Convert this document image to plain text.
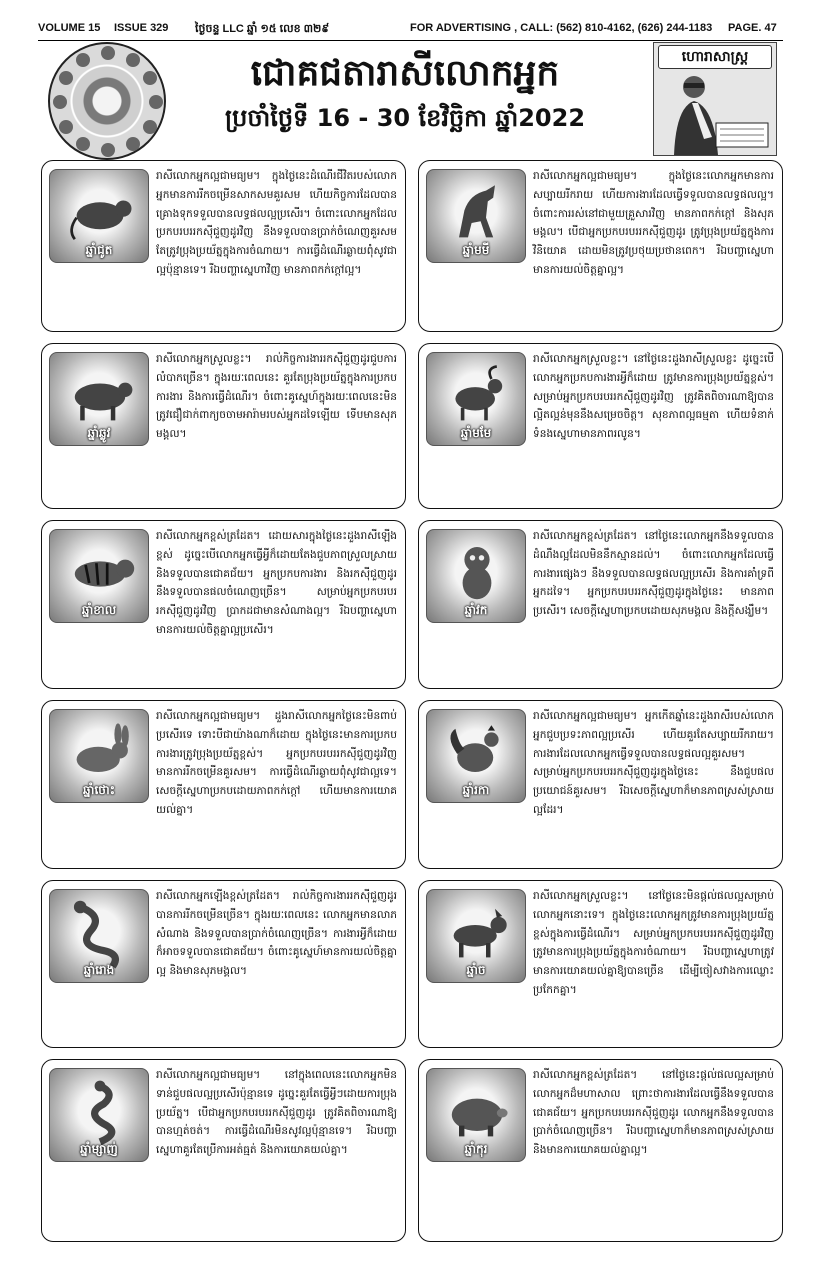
VOLUME 15 ISSUE 329 ថ្ងៃចន្ទ LLC ឆ្នាំ ១៥ លេខ ៣២៩	FOR ADVERTISING , CALL: (562) 810-4162, (626) 244-1183 PAGE. 47
ជោគជតារាសីលោកអ្នក
ប្រចាំថ្ងៃទី 16 - 30 ខែវិច្ឆិកា ឆ្នាំ2022
ហោរាសាស្ត្រ
រាសីលោកអ្នកល្អជាមធ្យម។ ក្នុងថ្ងៃនេះដំណើរជីវិតរបស់លោកអ្នកមានការរីកចម្រើនសាកសមគួរសម ហើយកិច្ចការដែលបានគ្រោងទុកទទួលបានលទ្ធផលល្អប្រសើរ។ ចំពោះលោកអ្នកដែលប្រកបរបររកស៊ីជួញដូរវិញ នឹងទទួលបានប្រាក់ចំណេញគួរសម តែត្រូវប្រុងប្រយ័ត្នក្នុងការចំណាយ។ ការធ្វើដំណើរឆ្ងាយពុំសូវជាល្អប៉ុន្មានទេ។ រីឯបញ្ហាស្នេហាវិញ មានភាពកក់ក្តៅល្អ។
ឆ្នាំជូត
រាសីលោកអ្នកល្អជាមធ្យម។ ក្នុងថ្ងៃនេះលោកអ្នកមានការសប្បាយរីករាយ ហើយការងារដែលធ្វើទទួលបានលទ្ធផលល្អ។ ចំពោះការរស់នៅជាមួយគ្រួសារវិញ មានភាពកក់ក្តៅ និងសុភមង្គល។ បើជាអ្នកប្រកបរបររកស៊ីជួញដូរ ត្រូវប្រុងប្រយ័ត្នក្នុងការវិនិយោគ ដោយមិនត្រូវប្រថុយប្រថានពេក។ រីឯបញ្ហាស្នេហាមានការយល់ចិត្តគ្នាល្អ។
ឆ្នាំមមី
រាសីលោកអ្នកស្រួលខ្លះ។ រាល់កិច្ចការងាររកស៊ីជួញដូរជួបការលំបាកច្រើន។ ក្នុងរយៈពេលនេះ គួរតែប្រុងប្រយ័ត្នក្នុងការប្រកបការងារ និងការធ្វើដំណើរ។ ចំពោះគូស្នេហ៍ក្នុងរយៈពេលនេះមិនត្រូវជឿជាក់ពាក្យចចាមអារ៉ាមរបស់អ្នកដទៃឡើយ ទើបមានសុភមង្គល។
ឆ្នាំឆ្លូវ
រាសីលោកអ្នកស្រួលខ្លះ។ នៅថ្ងៃនេះដួងរាសីស្រួលខ្លះ ដូច្នេះបើលោកអ្នកប្រកបការងារអ្វីក៏ដោយ ត្រូវមានការប្រុងប្រយ័ត្នខ្ពស់។ សម្រាប់អ្នកប្រកបរបររកស៊ីជួញដូរវិញ ត្រូវគិតពិចារណាឱ្យបានល្អិតល្អន់មុននឹងសម្រេចចិត្ត។ សុខភាពល្អធម្មតា ហើយទំនាក់ទំនងស្នេហាមានភាពរលូន។
ឆ្នាំមមែ
រាសីលោកអ្នកខ្ពស់ត្រដែត។ ដោយសារក្នុងថ្ងៃនេះដួងរាសីឡើងខ្ពស់ ដូច្នេះបើលោកអ្នកធ្វើអ្វីក៏ដោយតែងជួបភាពស្រួលស្រាយ និងទទួលបានជោគជ័យ។ អ្នកប្រកបការងារ និងរកស៊ីជួញដូរ នឹងទទួលបានផលចំណេញច្រើន។ សម្រាប់អ្នកប្រកបរបររកស៊ីជួញដូរវិញ ប្រាកដជាមានសំណាងល្អ។ រីឯបញ្ហាស្នេហាមានការយល់ចិត្តគ្នាល្អប្រសើរ។
ឆ្នាំខាល
រាសីលោកអ្នកខ្ពស់ត្រដែត។ នៅថ្ងៃនេះលោកអ្នកនឹងទទួលបានដំណឹងល្អដែលមិននឹកស្មានដល់។ ចំពោះលោកអ្នកដែលធ្វើការងារផ្សេងៗ នឹងទទួលបានលទ្ធផលល្អប្រសើរ និងការគាំទ្រពីអ្នកដទៃ។ អ្នកប្រកបរបររកស៊ីជួញដូរក្នុងថ្ងៃនេះ មានភាពប្រសើរ។ សេចក្តីស្នេហាប្រកបដោយសុភមង្គល និងក្តីសង្ឃឹម។
ឆ្នាំវក
រាសីលោកអ្នកល្អជាមធ្យម។ ដួងរាសីលោកអ្នកថ្ងៃនេះមិនពាប់ប្រសើរទេ ទោះបីជាយ៉ាងណាក៏ដោយ ក្នុងថ្ងៃនេះមានការប្រកបការងារត្រូវប្រុងប្រយ័ត្នខ្ពស់។ អ្នកប្រកបរបររកស៊ីជួញដូរវិញ មានការរីកចម្រើនគួរសម។ ការធ្វើដំណើរឆ្ងាយពុំសូវជាល្អទេ។ សេចក្តីស្នេហាប្រកបដោយភាពកក់ក្តៅ ហើយមានការយោគយល់គ្នា។
ឆ្នាំថោះ
រាសីលោកអ្នកល្អជាមធ្យម។ អ្នកកើតឆ្នាំនេះដួងរាសីរបស់លោកអ្នកជួបប្រទះភាពល្អប្រសើរ ហើយគួរតែសប្បាយរីករាយ។ ការងារដែលលោកអ្នកធ្វើទទួលបានលទ្ធផលល្អគួរសម។ សម្រាប់អ្នកប្រកបរបររកស៊ីជួញដូរក្នុងថ្ងៃនេះ នឹងជួបផលប្រយោជន៍គួរសម។ រីឯសេចក្តីស្នេហាក៏មានភាពស្រស់ស្រាយល្អដែរ។
ឆ្នាំរកា
រាសីលោកអ្នកឡើងខ្ពស់ត្រដែត។ រាល់កិច្ចការងាររកស៊ីជួញដូរបានការរីកចម្រើនច្រើន។ ក្នុងរយៈពេលនេះ លោកអ្នកមានលាភសំណាង និងទទួលបានប្រាក់ចំណេញច្រើន។ ការងារអ្វីក៏ដោយ ក៏អាចទទួលបានជោគជ័យ។ ចំពោះគូស្នេហ៍មានការយល់ចិត្តគ្នាល្អ និងមានសុភមង្គល។
ឆ្នាំរោង
រាសីលោកអ្នកស្រួលខ្លះ។ នៅថ្ងៃនេះមិនផ្តល់ផលល្អសម្រាប់លោកអ្នកនោះទេ។ ក្នុងថ្ងៃនេះលោកអ្នកត្រូវមានការប្រុងប្រយ័ត្នខ្ពស់ក្នុងការធ្វើដំណើរ។ សម្រាប់អ្នកប្រកបរបររកស៊ីជួញដូរវិញ ត្រូវមានការប្រុងប្រយ័ត្នក្នុងការចំណាយ។ រីឯបញ្ហាស្នេហាត្រូវមានការយោគយល់គ្នាឱ្យបានច្រើន ដើម្បីចៀសវាងការឈ្លោះប្រកែកគ្នា។
ឆ្នាំច
រាសីលោកអ្នកល្អជាមធ្យម។ នៅក្នុងពេលនេះលោកអ្នកមិនទាន់ជួបផលល្អប្រសើរប៉ុន្មានទេ ដូច្នេះគួរតែធ្វើអ្វីៗដោយការប្រុងប្រយ័ត្ន។ បើជាអ្នកប្រកបរបររកស៊ីជួញដូរ ត្រូវគិតពិចារណាឱ្យបានហ្មត់ចត់។ ការធ្វើដំណើរមិនសូវល្អប៉ុន្មានទេ។ រីឯបញ្ហាស្នេហាគួរតែប្រើការអត់ធ្មត់ និងការយោគយល់គ្នា។
ឆ្នាំម្សាញ់
រាសីលោកអ្នកខ្ពស់ត្រដែត។ នៅថ្ងៃនេះផ្តល់ផលល្អសម្រាប់លោកអ្នកដ៏មហាសាល ព្រោះថាការងារដែលធ្វើនឹងទទួលបានជោគជ័យ។ អ្នកប្រកបរបររកស៊ីជួញដូរ លោកអ្នកនឹងទទួលបានប្រាក់ចំណេញច្រើន។ រីឯបញ្ហាស្នេហាក៏មានភាពស្រស់ស្រាយ និងមានការយោគយល់គ្នាល្អ។
ឆ្នាំកុរ
